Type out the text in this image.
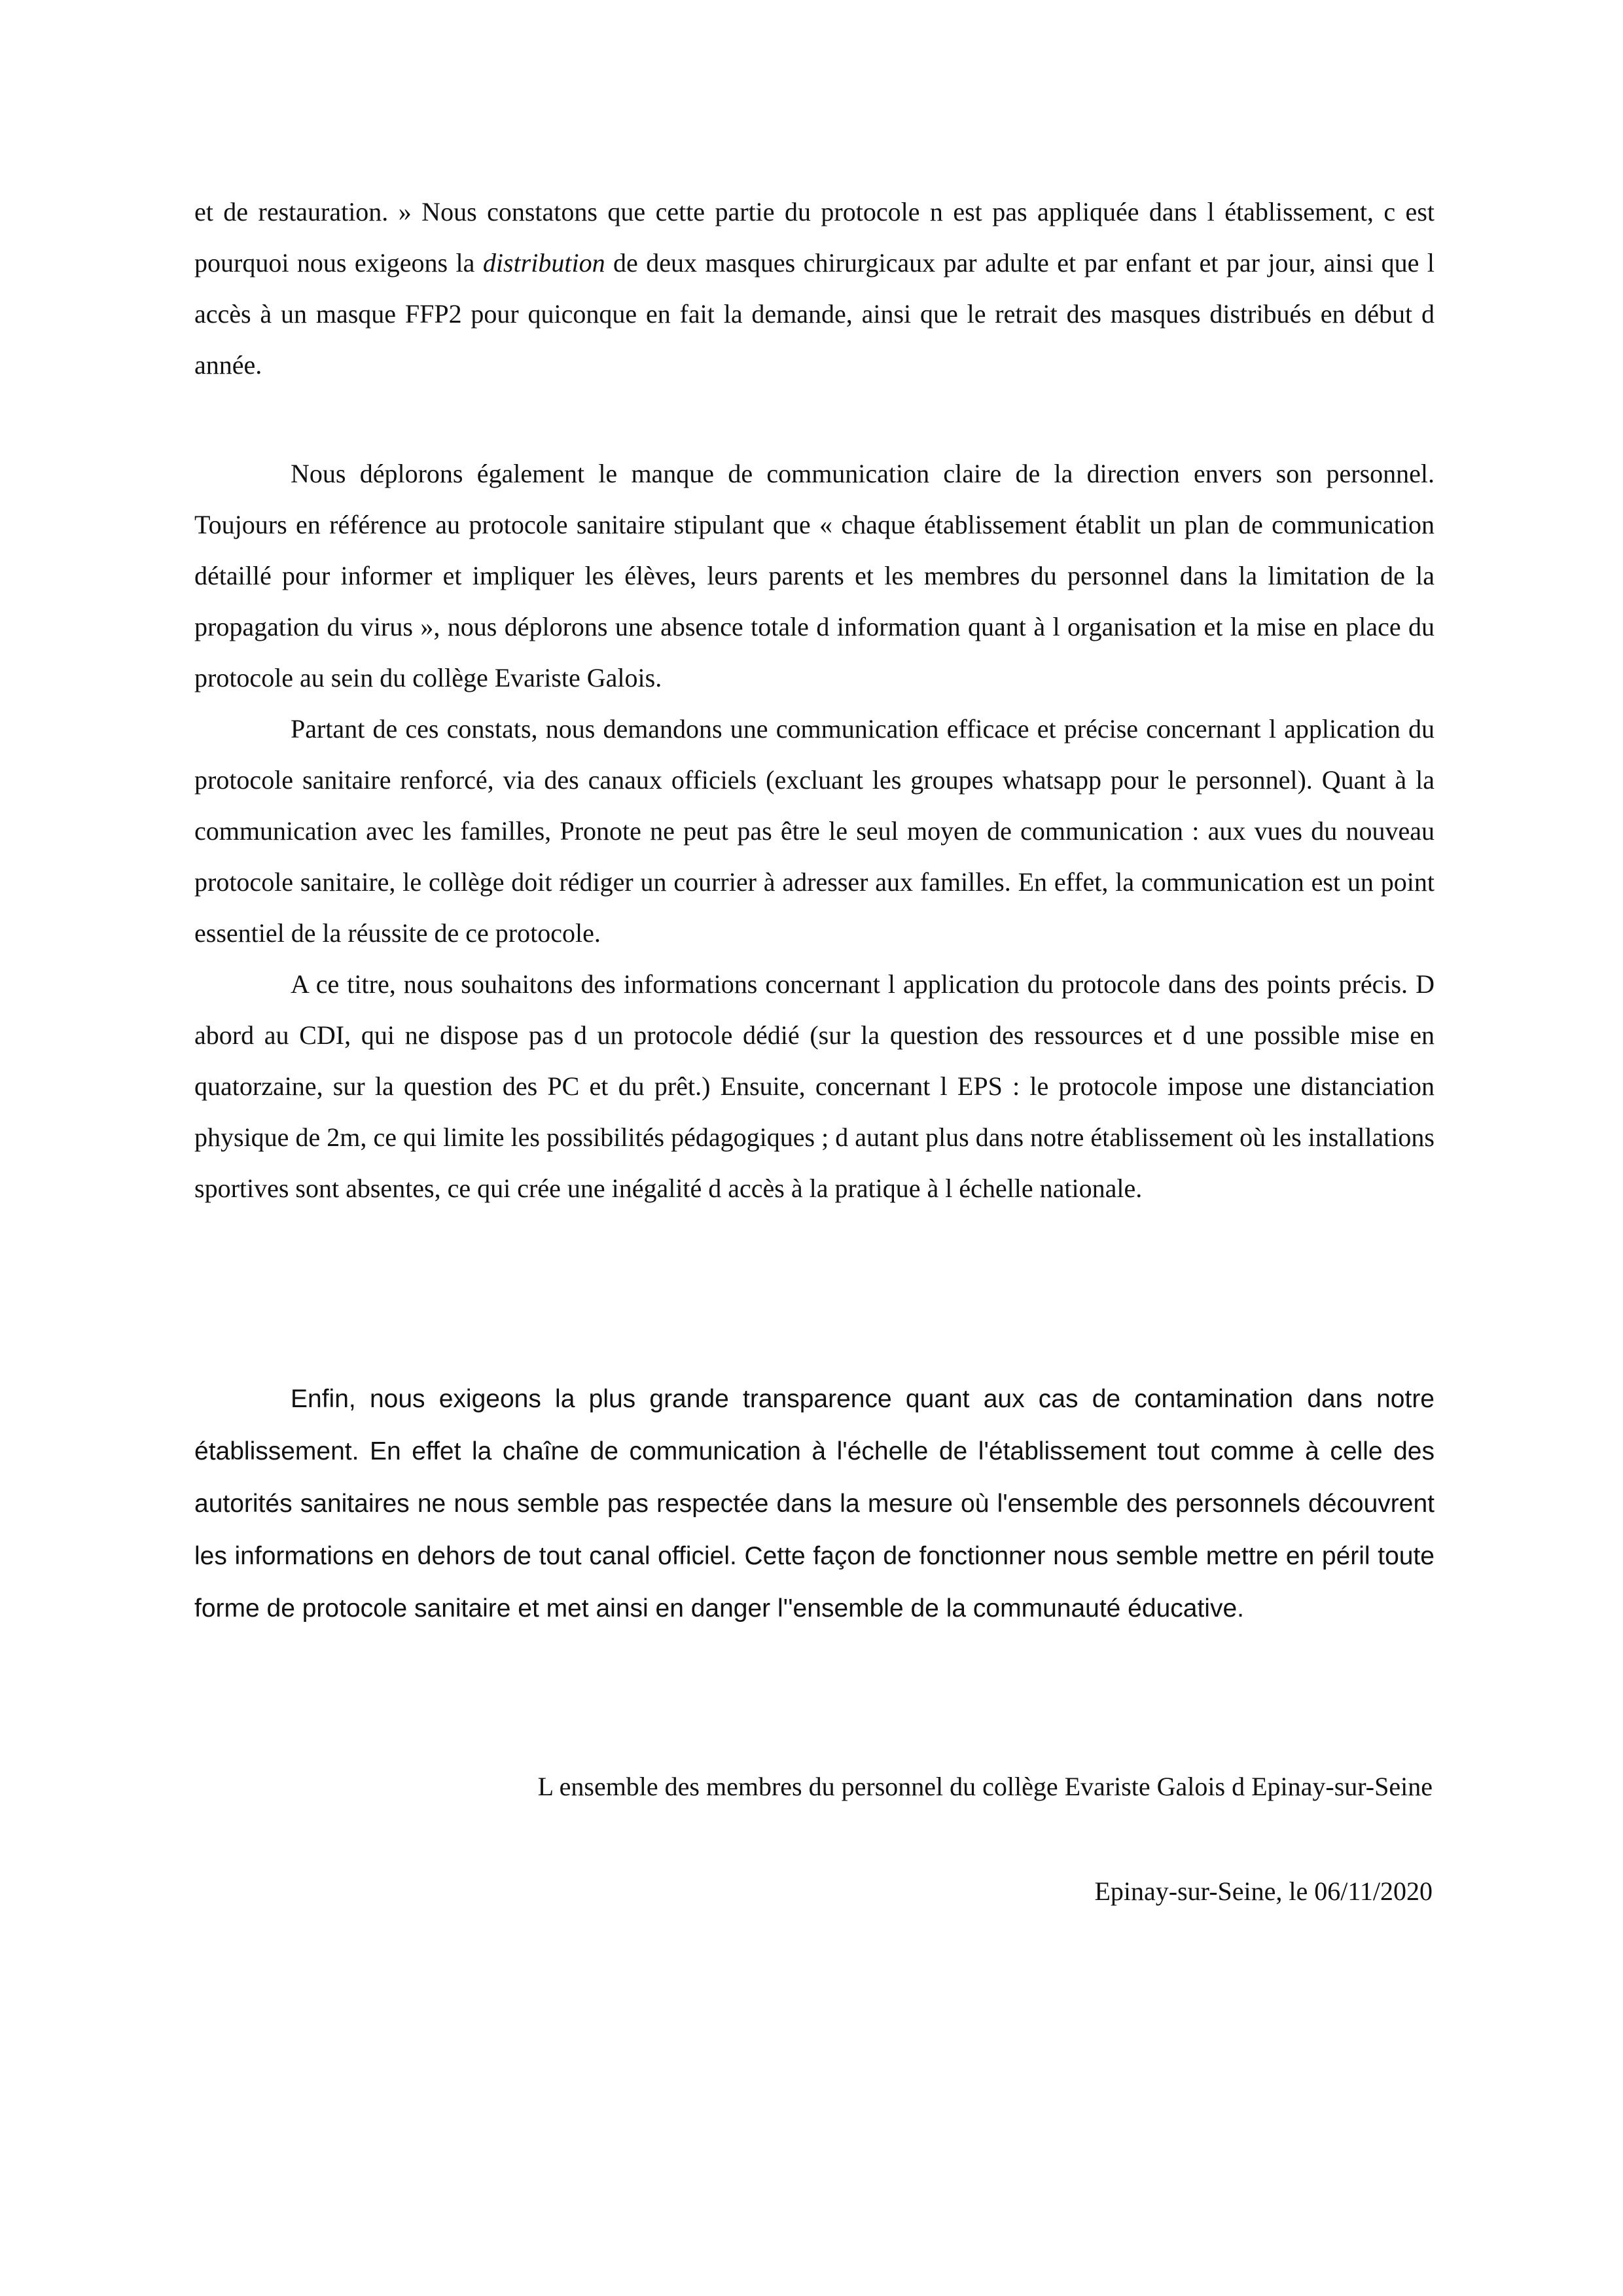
et de restauration. » Nous constatons que cette partie du protocole n est pas appliquée dans l établissement, c est pourquoi nous exigeons la distribution de deux masques chirurgicaux par adulte et par enfant et par jour, ainsi que l accès à un masque FFP2 pour quiconque en fait la demande, ainsi que le retrait des masques distribués en début d année.

Nous déplorons également le manque de communication claire de la direction envers son personnel. Toujours en référence au protocole sanitaire stipulant que « chaque établissement établit un plan de communication détaillé pour informer et impliquer les élèves, leurs parents et les membres du personnel dans la limitation de la propagation du virus », nous déplorons une absence totale d information quant à l organisation et la mise en place du protocole au sein du collège Evariste Galois.

Partant de ces constats, nous demandons une communication efficace et précise concernant l application du protocole sanitaire renforcé, via des canaux officiels (excluant les groupes whatsapp pour le personnel). Quant à la communication avec les familles, Pronote ne peut pas être le seul moyen de communication : aux vues du nouveau protocole sanitaire, le collège doit rédiger un courrier à adresser aux familles. En effet, la communication est un point essentiel de la réussite de ce protocole.

A ce titre, nous souhaitons des informations concernant l application du protocole dans des points précis. D abord au CDI, qui ne dispose pas d un protocole dédié (sur la question des ressources et d une possible mise en quatorzaine, sur la question des PC et du prêt.) Ensuite, concernant l EPS : le protocole impose une distanciation physique de 2m, ce qui limite les possibilités pédagogiques ; d autant plus dans notre établissement où les installations sportives sont absentes, ce qui crée une inégalité d accès à la pratique à l échelle nationale.

Enfin, nous exigeons la plus grande transparence quant aux cas de contamination dans notre établissement. En effet la chaîne de communication à l'échelle de l'établissement tout comme à celle des autorités sanitaires ne nous semble pas respectée dans la mesure où l'ensemble des personnels découvrent les informations en dehors de tout canal officiel. Cette façon de fonctionner nous semble mettre en péril toute forme de protocole sanitaire et met ainsi en danger l''ensemble de la communauté éducative.

L ensemble des membres du personnel du collège Evariste Galois d Epinay-sur-Seine
Epinay-sur-Seine, le 06/11/2020
